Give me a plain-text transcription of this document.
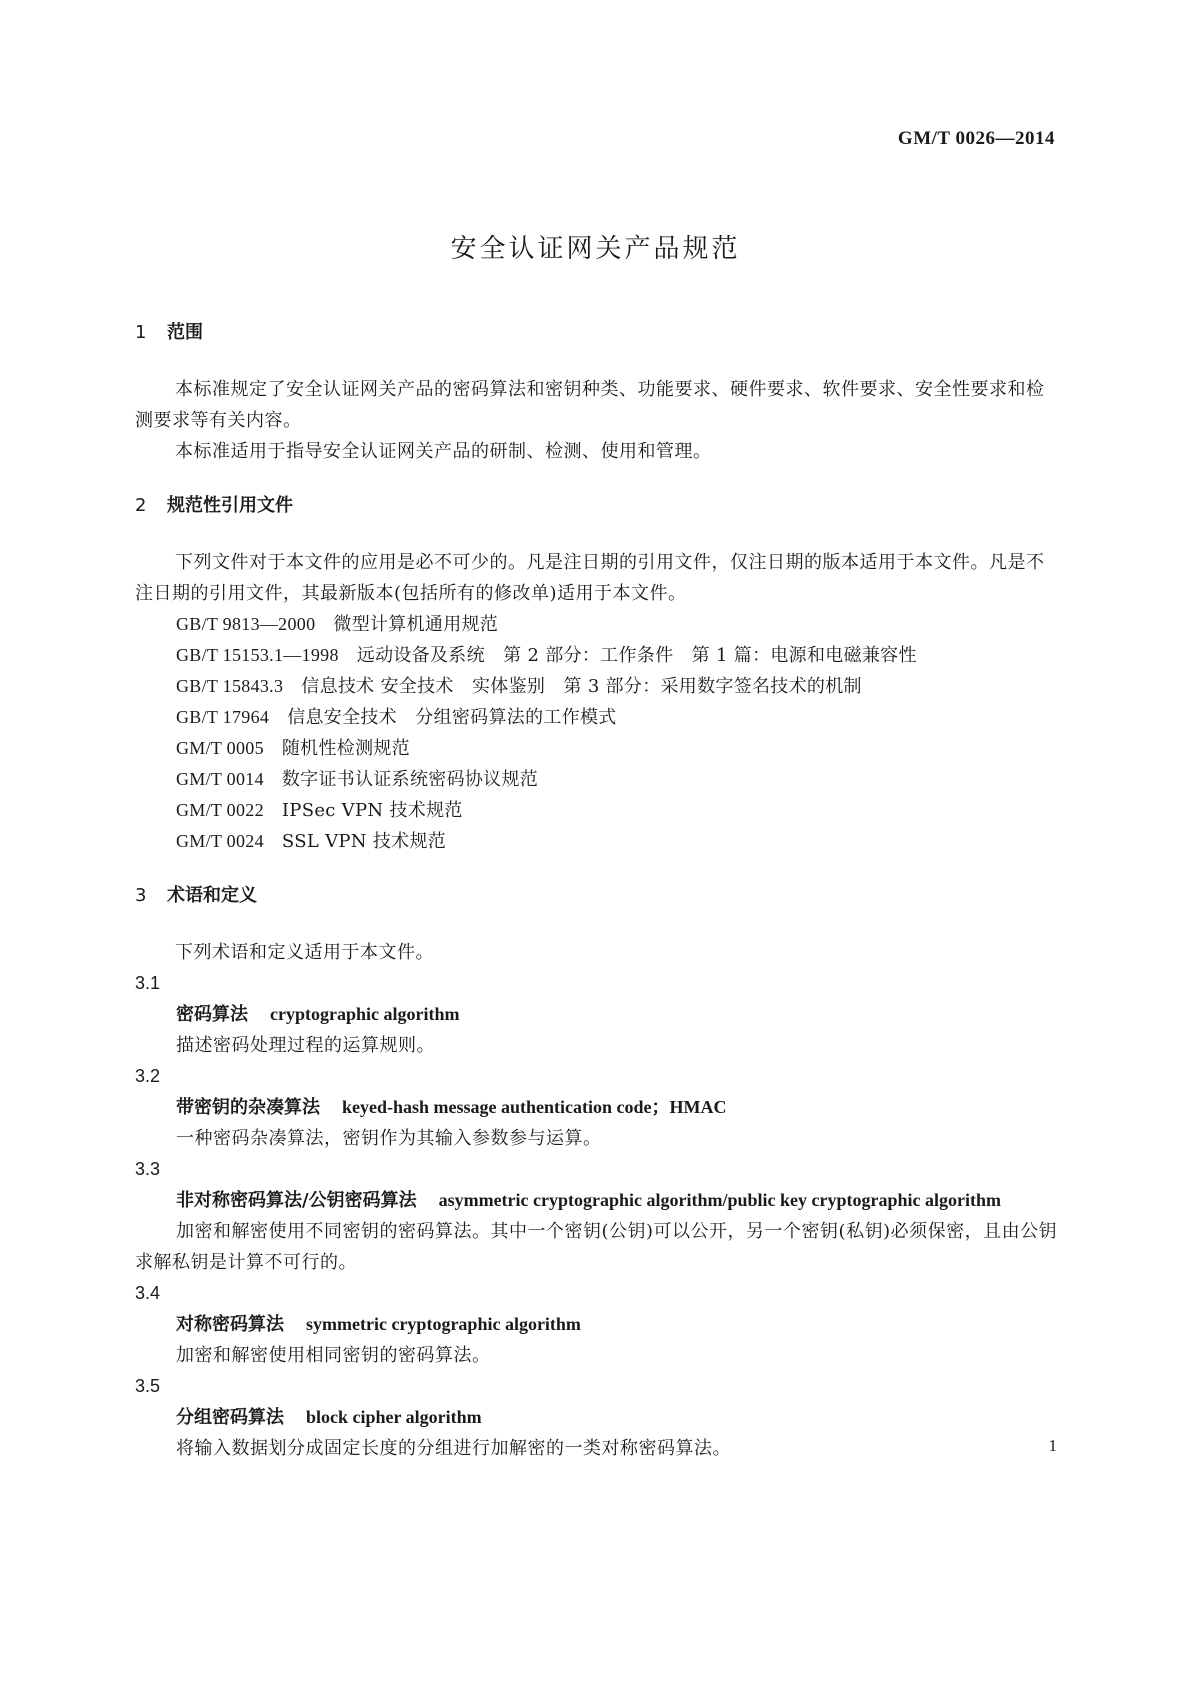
GM/T 0026—2014
安全认证网关产品规范
1 范围

本标准规定了安全认证网关产品的密码算法和密钥种类、功能要求、硬件要求、软件要求、安全性要求和检测要求等有关内容。

本标准适用于指导安全认证网关产品的研制、检测、使用和管理。

2 规范性引用文件

下列文件对于本文件的应用是必不可少的。凡是注日期的引用文件，仅注日期的版本适用于本文件。凡是不注日期的引用文件，其最新版本(包括所有的修改单)适用于本文件。

GB/T 9813—2000 微型计算机通用规范
GB/T 15153.1—1998 远动设备及系统　第 2 部分：工作条件　第 1 篇：电源和电磁兼容性
GB/T 15843.3 信息技术 安全技术　实体鉴别　第 3 部分：采用数字签名技术的机制
GB/T 17964 信息安全技术　分组密码算法的工作模式
GM/T 0005 随机性检测规范
GM/T 0014 数字证书认证系统密码协议规范
GM/T 0022 IPSec VPN 技术规范
GM/T 0024 SSL VPN 技术规范
3 术语和定义

下列术语和定义适用于本文件。

3.1
密码算法 cryptographic algorithm

描述密码处理过程的运算规则。

3.2
带密钥的杂凑算法 keyed-hash message authentication code；HMAC

一种密码杂凑算法，密钥作为其输入参数参与运算。

3.3
非对称密码算法/公钥密码算法 asymmetric cryptographic algorithm/public key cryptographic algorithm

加密和解密使用不同密钥的密码算法。其中一个密钥(公钥)可以公开，另一个密钥(私钥)必须保密，且由公钥求解私钥是计算不可行的。

3.4
对称密码算法 symmetric cryptographic algorithm

加密和解密使用相同密钥的密码算法。

3.5
分组密码算法 block cipher algorithm

将输入数据划分成固定长度的分组进行加解密的一类对称密码算法。	1
